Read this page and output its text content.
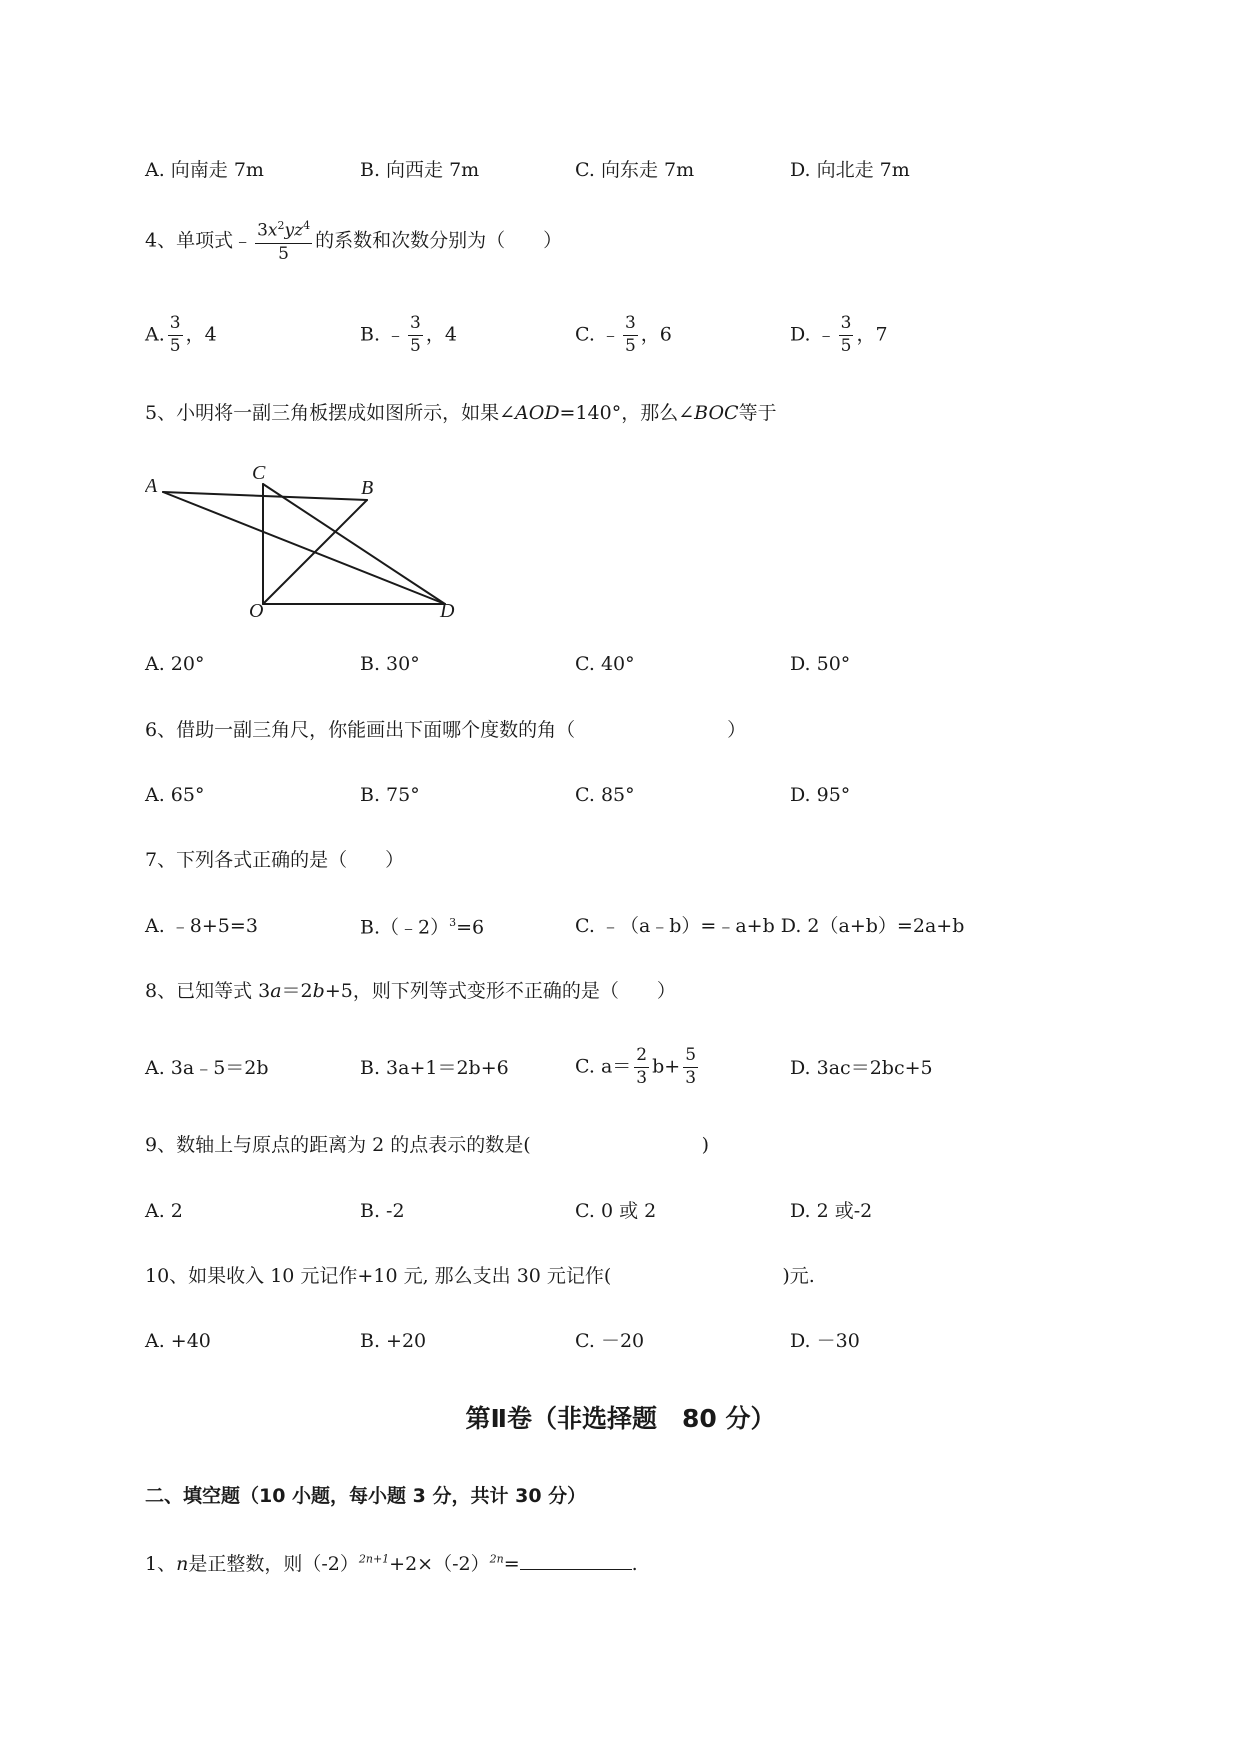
A. 向南走 7m	B. 向西走 7m	C. 向东走 7m	D. 向北走 7m
4、单项式﹣ $\frac{3x^2yz^4}{5}$ 的系数和次数分别为（　　）
A. $\frac{3}{5}$ ，4	B. ﹣ $\frac{3}{5}$ ，4	C. ﹣ $\frac{3}{5}$ ，6	D. ﹣ $\frac{3}{5}$ ，7
5、小明将一副三角板摆成如图所示，如果∠AOD=140°，那么∠BOC等于
A
C
B
O	D
A. 20°	B. 30°	C. 40°	D. 50°
6、借助一副三角尺，你能画出下面哪个度数的角（　　　　　　　　）
A. 65°	B. 75°	C. 85°	D. 95°
7、下列各式正确的是（　　）
A. ﹣8+5=3	B.（﹣2）$^3$=6	C. ﹣（a﹣b）=﹣a+b D. 2（a+b）=2a+b
8、已知等式 3a＝2b+5，则下列等式变形不正确的是（　　）
A. 3a﹣5＝2b	B. 3a+1＝2b+6	C. $a= \frac{2}{3} b+ \frac{5}{3}$	D. 3ac＝2bc+5
9、数轴上与原点的距离为 2 的点表示的数是(　　　　　　　　　)
A. 2	B. -2	C. 0 或 2	D. 2 或-2
10、如果收入 10 元记作+10 元, 那么支出 30 元记作(　　　　　　　　　)元.
A. +40	B. +20	C. －20	D. －30
第Ⅱ卷（非选择题　80 分）
二、填空题（10 小题，每小题 3 分，共计 30 分）
1、n是正整数，则$(-2)^{2n+1}+2\times(-2)^{2n}=$	.
